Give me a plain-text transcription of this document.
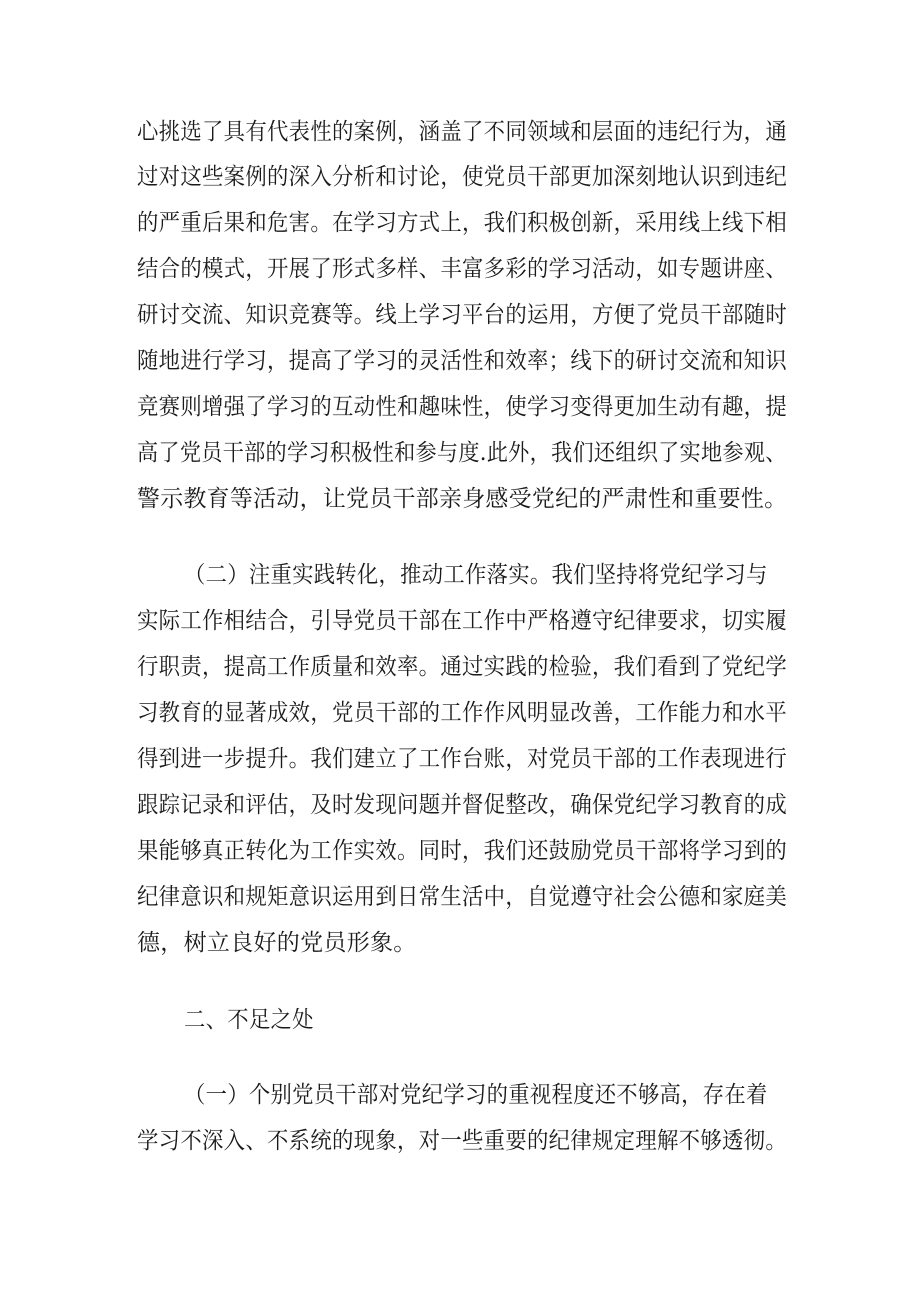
心挑选了具有代表性的案例，涵盖了不同领域和层面的违纪行为，通
过对这些案例的深入分析和讨论，使党员干部更加深刻地认识到违纪
的严重后果和危害。在学习方式上，我们积极创新，采用线上线下相
结合的模式，开展了形式多样、丰富多彩的学习活动，如专题讲座、
研讨交流、知识竞赛等。线上学习平台的运用，方便了党员干部随时
随地进行学习，提高了学习的灵活性和效率；线下的研讨交流和知识
竞赛则增强了学习的互动性和趣味性，使学习变得更加生动有趣，提
高了党员干部的学习积极性和参与度.此外，我们还组织了实地参观、
警示教育等活动，让党员干部亲身感受党纪的严肃性和重要性。
（二）注重实践转化，推动工作落实。我们坚持将党纪学习与
实际工作相结合，引导党员干部在工作中严格遵守纪律要求，切实履
行职责，提高工作质量和效率。通过实践的检验，我们看到了党纪学
习教育的显著成效，党员干部的工作作风明显改善，工作能力和水平
得到进一步提升。我们建立了工作台账，对党员干部的工作表现进行
跟踪记录和评估，及时发现问题并督促整改，确保党纪学习教育的成
果能够真正转化为工作实效。同时，我们还鼓励党员干部将学习到的
纪律意识和规矩意识运用到日常生活中，自觉遵守社会公德和家庭美
德，树立良好的党员形象。
二、不足之处
（一）个别党员干部对党纪学习的重视程度还不够高，存在着
学习不深入、不系统的现象，对一些重要的纪律规定理解不够透彻。
